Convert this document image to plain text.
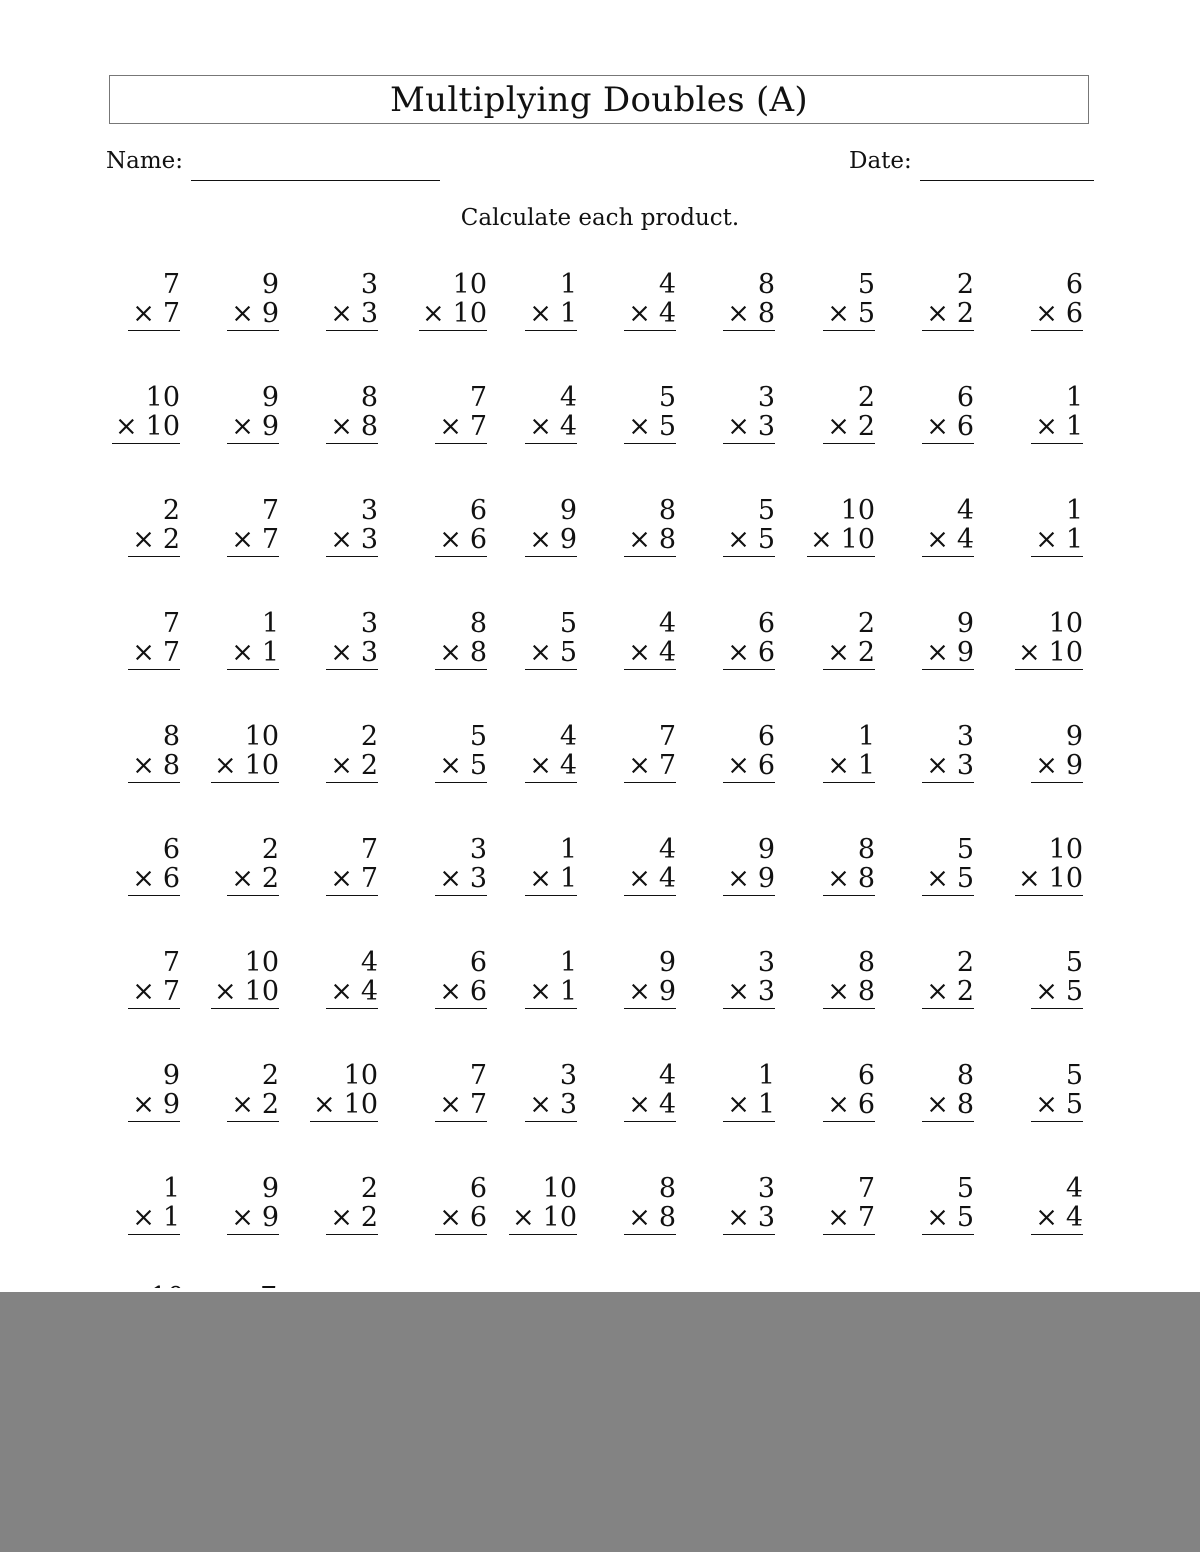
Multiplying Doubles (A)
Name:	Date:
Calculate each product.
7
× 7
9
× 9
3
× 3
10
× 10
1
× 1
4
× 4
8
× 8
5
× 5
2
× 2
6
× 6
10
× 10
9
× 9
8
× 8
7
× 7
4
× 4
5
× 5
3
× 3
2
× 2
6
× 6
1
× 1
2
× 2
7
× 7
3
× 3
6
× 6
9
× 9
8
× 8
5
× 5
10
× 10
4
× 4
1
× 1
7
× 7
1
× 1
3
× 3
8
× 8
5
× 5
4
× 4
6
× 6
2
× 2
9
× 9
10
× 10
8
× 8
10
× 10
2
× 2
5
× 5
4
× 4
7
× 7
6
× 6
1
× 1
3
× 3
9
× 9
6
× 6
2
× 2
7
× 7
3
× 3
1
× 1
4
× 4
9
× 9
8
× 8
5
× 5
10
× 10
7
× 7
10
× 10
4
× 4
6
× 6
1
× 1
9
× 9
3
× 3
8
× 8
2
× 2
5
× 5
9
× 9
2
× 2
10
× 10
7
× 7
3
× 3
4
× 4
1
× 1
6
× 6
8
× 8
5
× 5
1
× 1
9
× 9
2
× 2
6
× 6
10
× 10
8
× 8
3
× 3
7
× 7
5
× 5
4
× 4
